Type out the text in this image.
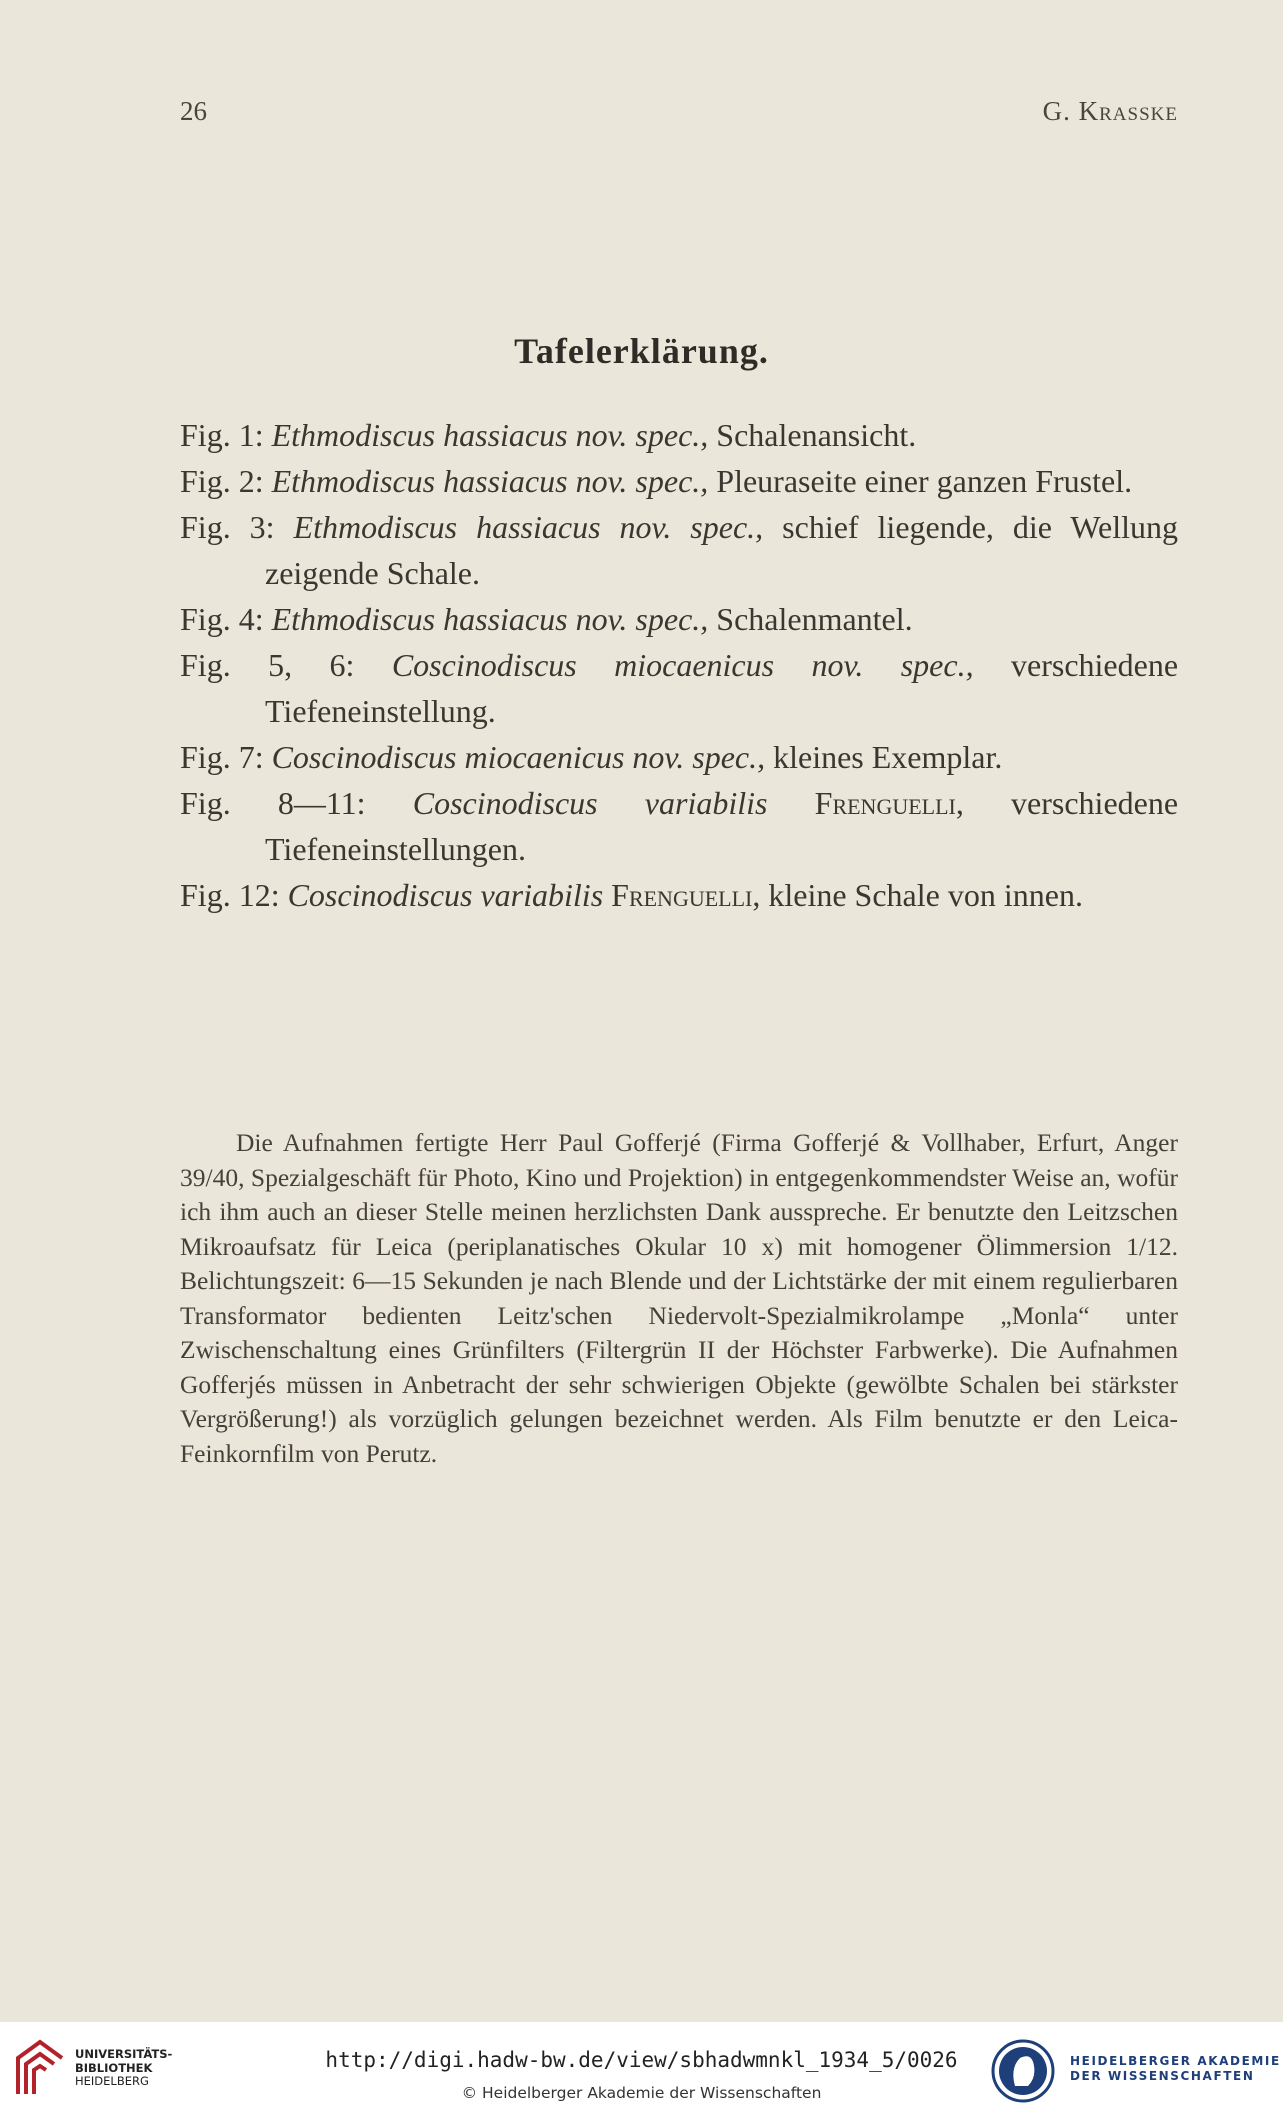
26	G. Krasske
Tafelerklärung.

Fig. 1: Ethmodiscus hassiacus nov. spec., Schalenansicht.

Fig. 2: Ethmodiscus hassiacus nov. spec., Pleuraseite einer ganzen Frustel.

Fig. 3: Ethmodiscus hassiacus nov. spec., schief liegende, die Wellung zeigende Schale.

Fig. 4: Ethmodiscus hassiacus nov. spec., Schalenmantel.

Fig. 5, 6: Coscinodiscus miocaenicus nov. spec., verschiedene Tiefeneinstellung.

Fig. 7: Coscinodiscus miocaenicus nov. spec., kleines Exemplar.

Fig. 8—11: Coscinodiscus variabilis Frenguelli, verschiedene Tiefeneinstellungen.

Fig. 12: Coscinodiscus variabilis Frenguelli, kleine Schale von innen.

Die Aufnahmen fertigte Herr Paul Gofferjé (Firma Gofferjé & Vollhaber, Erfurt, Anger 39/40, Spezialgeschäft für Photo, Kino und Projektion) in entgegenkommendster Weise an, wofür ich ihm auch an dieser Stelle meinen herzlichsten Dank ausspreche. Er benutzte den Leitzschen Mikroaufsatz für Leica (periplanatisches Okular 10 x) mit homogener Ölimmersion 1/12. Belichtungszeit: 6—15 Sekunden je nach Blende und der Lichtstärke der mit einem regulierbaren Transformator bedienten Leitz'schen Niedervolt-Spezialmikrolampe „Monla“ unter Zwischenschaltung eines Grünfilters (Filtergrün II der Höchster Farbwerke). Die Aufnahmen Gofferjés müssen in Anbetracht der sehr schwierigen Objekte (gewölbte Schalen bei stärkster Vergrößerung!) als vorzüglich gelungen bezeichnet werden. Als Film benutzte er den Leica-Feinkornfilm von Perutz.

UNIVERSITÄTS-
BIBLIOTHEK
HEIDELBERG
http://digi.hadw-bw.de/view/sbhadwmnkl_1934_5/0026
© Heidelberger Akademie der Wissenschaften
HEIDELBERGER AKADEMIE
DER WISSENSCHAFTEN
